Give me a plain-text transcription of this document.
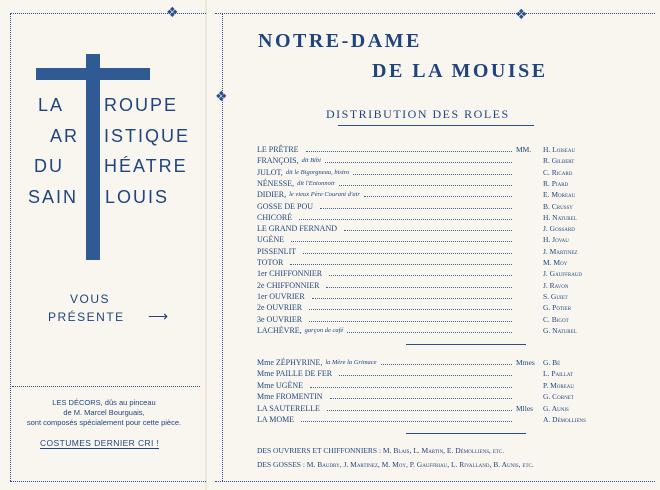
❖
❖
❖
LA ROUPE
AR ISTIQUE
DU HÉATRE
SAIN LOUIS
VOUS
PRÉSENTE ⟶
LES DÉCORS, dûs au pinceau
de M. Marcel Bourguais,
sont composés spécialement pour cette pièce.
COSTUMES DERNIER CRI !
NOTRE-DAME
DE LA MOUISE
DISTRIBUTION DES ROLES
LE PRÊTRE	MM.	H. Loiseau
FRANÇOIS, dit Bibi	R. Gilbert
JULOT, dit le Bigorgneau, bistro	C. Ricard
NÉNESSE, dit l'Entonnoir	R. Piard
DIDIER, le vieux Père Courant d'air	E. Moreau
GOSSE DE POU	B. Crussy
CHICORÉ	H. Naturel
LE GRAND FERNAND	J. Gossard
UGÈNE	H. Jovau
PISSENLIT	J. Martinez
TOTOR	M. Moy
1er CHIFFONNIER	J. Gauffraud
2e CHIFFONNIER	J. Ravon
1er OUVRIER	S. Guiet
2e OUVRIER	G. Potier
3e OUVRIER	C. Bigot
LACHÈVRE, garçon de café	G. Naturel
Mme ZÉPHYRINE, la Mère la Grimace	Mmes	G. Bé
Mme PAILLE DE FER	L. Paillat
Mme UGÈNE	P. Moreau
Mme FROMENTIN	G. Cornet
LA SAUTERELLE	Mlles	G. Aunis
LA MOME	A. Démolliens
DES OUVRIERS ET CHIFFONNIERS : M. Blais, L. Martin, E. Démolliens, etc.
DES GOSSES : M. Baudry, J. Martinez, M. Moy, P. Gauffriau, L. Rivalland, B. Aunis, etc.
